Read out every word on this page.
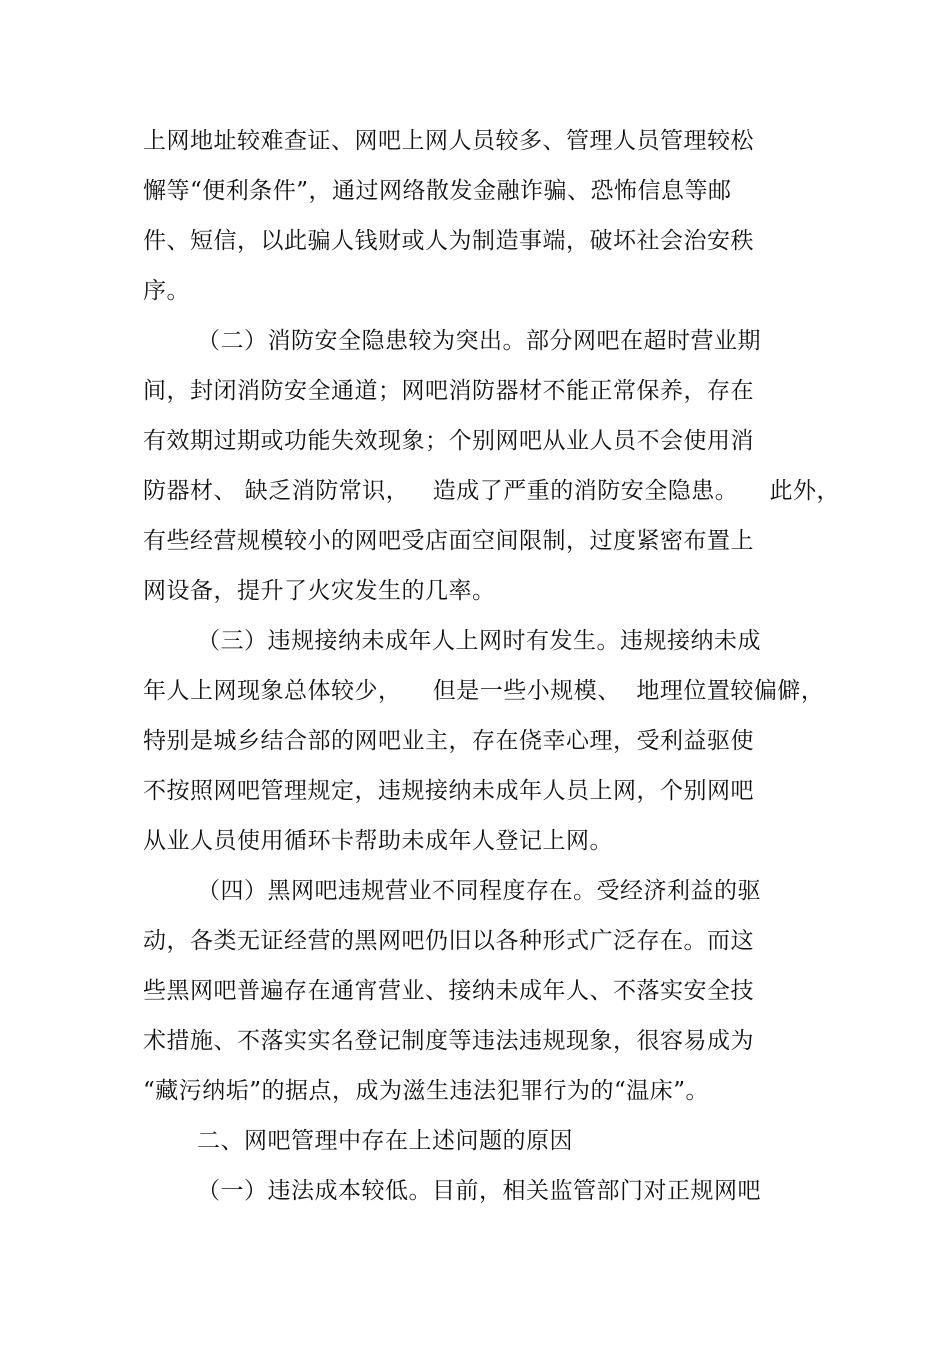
上网地址较难查证、网吧上网人员较多、管理人员管理较松
懈等“便利条件”，通过网络散发金融诈骗、恐怖信息等邮
件、短信，以此骗人钱财或人为制造事端，破坏社会治安秩
序。
（二）消防安全隐患较为突出。部分网吧在超时营业期
间，封闭消防安全通道；网吧消防器材不能正常保养，存在
有效期过期或功能失效现象；个别网吧从业人员不会使用消
防器材、 缺乏消防常识，   造成了严重的消防安全隐患。    此外，
有些经营规模较小的网吧受店面空间限制，过度紧密布置上
网设备，提升了火灾发生的几率。
（三）违规接纳未成年人上网时有发生。违规接纳未成
年人上网现象总体较少，    但是一些小规模、  地理位置较偏僻，
特别是城乡结合部的网吧业主，存在侥幸心理，受利益驱使
不按照网吧管理规定，违规接纳未成年人员上网，个别网吧
从业人员使用循环卡帮助未成年人登记上网。
（四）黑网吧违规营业不同程度存在。受经济利益的驱
动，各类无证经营的黑网吧仍旧以各种形式广泛存在。而这
些黑网吧普遍存在通宵营业、接纳未成年人、不落实安全技
术措施、不落实实名登记制度等违法违规现象，很容易成为
“藏污纳垢”的据点，成为滋生违法犯罪行为的“温床”。
二、网吧管理中存在上述问题的原因
（一）违法成本较低。目前，相关监管部门对正规网吧
